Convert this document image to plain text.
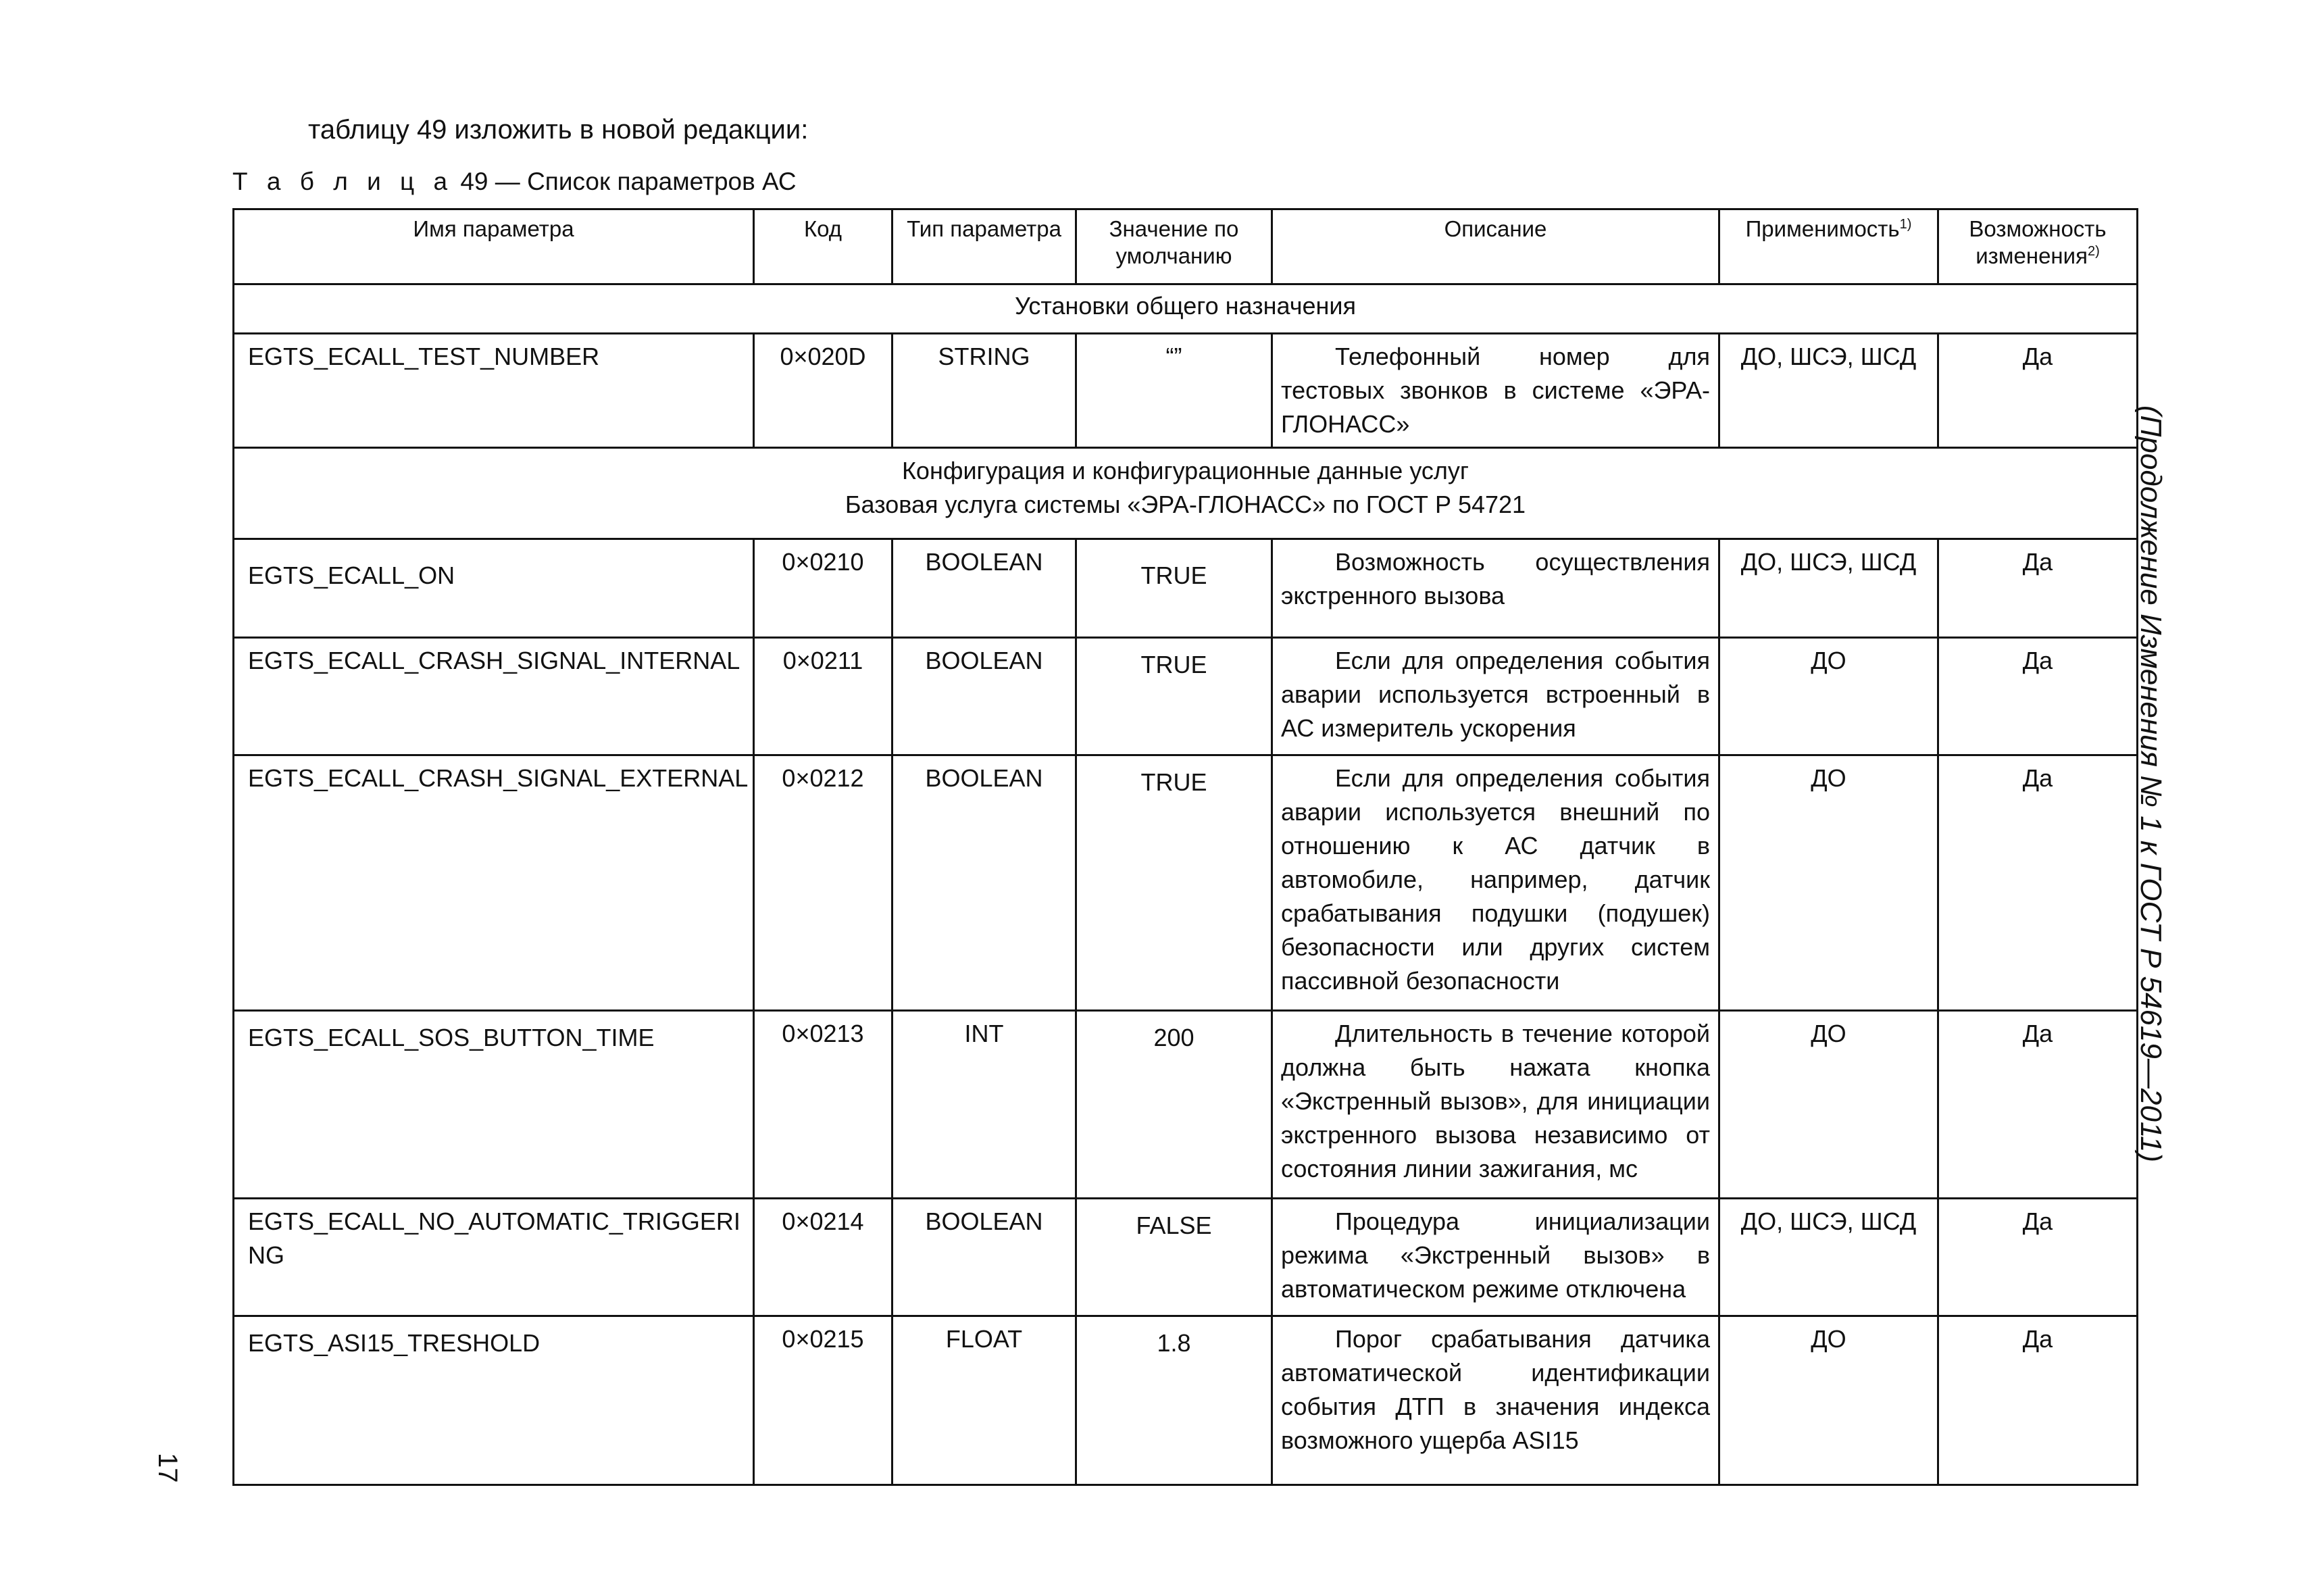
таблицу 49 изложить в новой редакции:
Т а б л и ц а 49 — Список параметров АС
Имя параметра	Код	Тип параметра	Значение по умолчанию	Описание	Применимость$^{1)}$	Возможность изменения$^{2)}$
Установки общего назначения						
EGTS_ECALL_TEST_NUMBER	0×020D	STRING	“”	Телефонный номер для тестовых звонков в системе «ЭРА-ГЛОНАСС»	ДО, ШСЭ, ШСД	Да

Конфигурация и конфигурационные данные услуг
Базовая услуга системы «ЭРА-ГЛОНАСС» по ГОСТ Р 54721						

EGTS_ECALL_ON	0×0210	BOOLEAN	TRUE	Возможность осуществления экстренного вызова	ДО, ШСЭ, ШСД	Да
EGTS_ECALL_CRASH_SIGNAL_INTERNAL	0×0211	BOOLEAN	TRUE	Если для определения события аварии используется встроенный в АС измеритель ускорения	ДО	Да
EGTS_ECALL_CRASH_SIGNAL_EXTERNAL	0×0212	BOOLEAN	TRUE	Если для определения события аварии используется внешний по отношению к АС датчик в автомобиле, например, датчик срабатывания подушки (подушек) безопасности или других систем пассивной безопасности	ДО	Да
EGTS_ECALL_SOS_BUTTON_TIME	0×0213	INT	200	Длительность в течение которой должна быть нажата кнопка «Экстренный вызов», для инициации экстренного вызова независимо от состояния линии зажигания, мс	ДО	Да
EGTS_ECALL_NO_AUTOMATIC_TRIGGERING	0×0214	BOOLEAN	FALSE	Процедура инициализации режима «Экстренный вызов» в автоматическом режиме отключена	ДО, ШСЭ, ШСД	Да
EGTS_ASI15_TRESHOLD	0×0215	FLOAT	1.8	Порог срабатывания датчика автоматической идентификации события ДТП в значения индекса возможного ущерба ASI15	ДО	Да
17
(Продолжение Изменения № 1 к ГОСТ Р 54619—2011)
